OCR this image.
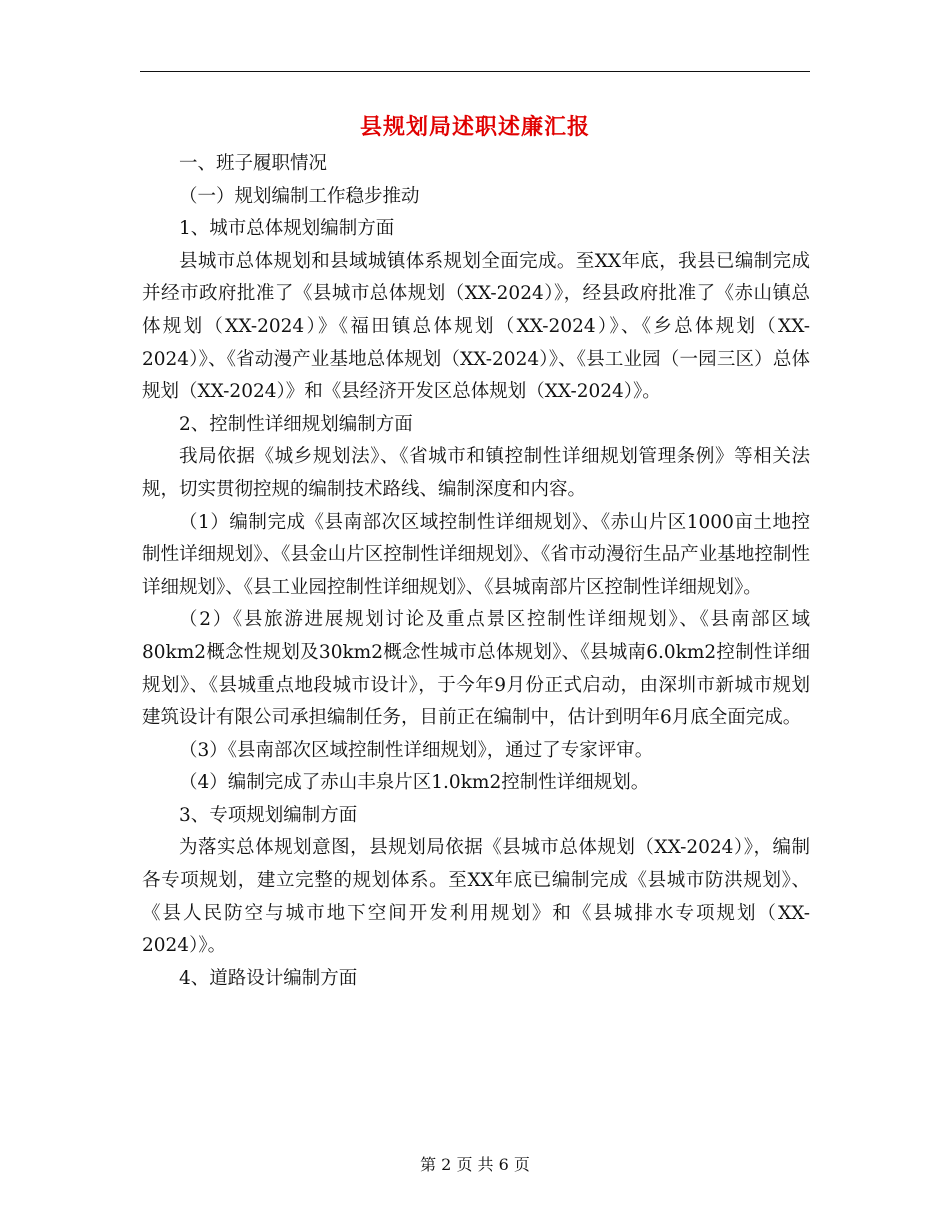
县规划局述职述廉汇报

一、班子履职情况

（一）规划编制工作稳步推动

1、城市总体规划编制方面

县城市总体规划和县域城镇体系规划全面完成。至XX年底，我县已编制完成并经市政府批准了《县城市总体规划（XX-2024）》，经县政府批准了《赤山镇总体规划（XX-2024）》《福田镇总体规划（XX-2024）》、《乡总体规划（XX-2024）》、《省动漫产业基地总体规划（XX-2024）》、《县工业园（一园三区）总体规划（XX-2024）》和《县经济开发区总体规划（XX-2024）》。

2、控制性详细规划编制方面

我局依据《城乡规划法》、《省城市和镇控制性详细规划管理条例》等相关法规，切实贯彻控规的编制技术路线、编制深度和内容。

（1）编制完成《县南部次区域控制性详细规划》、《赤山片区1000亩土地控制性详细规划》、《县金山片区控制性详细规划》、《省市动漫衍生品产业基地控制性详细规划》、《县工业园控制性详细规划》、《县城南部片区控制性详细规划》。

（2）《县旅游进展规划讨论及重点景区控制性详细规划》、《县南部区域80km2概念性规划及30km2概念性城市总体规划》、《县城南6.0km2控制性详细规划》、《县城重点地段城市设计》，于今年9月份正式启动，由深圳市新城市规划建筑设计有限公司承担编制任务，目前正在编制中，估计到明年6月底全面完成。

（3）《县南部次区域控制性详细规划》，通过了专家评审。

（4）编制完成了赤山丰泉片区1.0km2控制性详细规划。

3、专项规划编制方面

为落实总体规划意图，县规划局依据《县城市总体规划（XX-2024）》，编制各专项规划，建立完整的规划体系。至XX年底已编制完成《县城市防洪规划》、《县人民防空与城市地下空间开发利用规划》和《县城排水专项规划（XX-2024）》。

4、道路设计编制方面

第 2 页 共 6 页
